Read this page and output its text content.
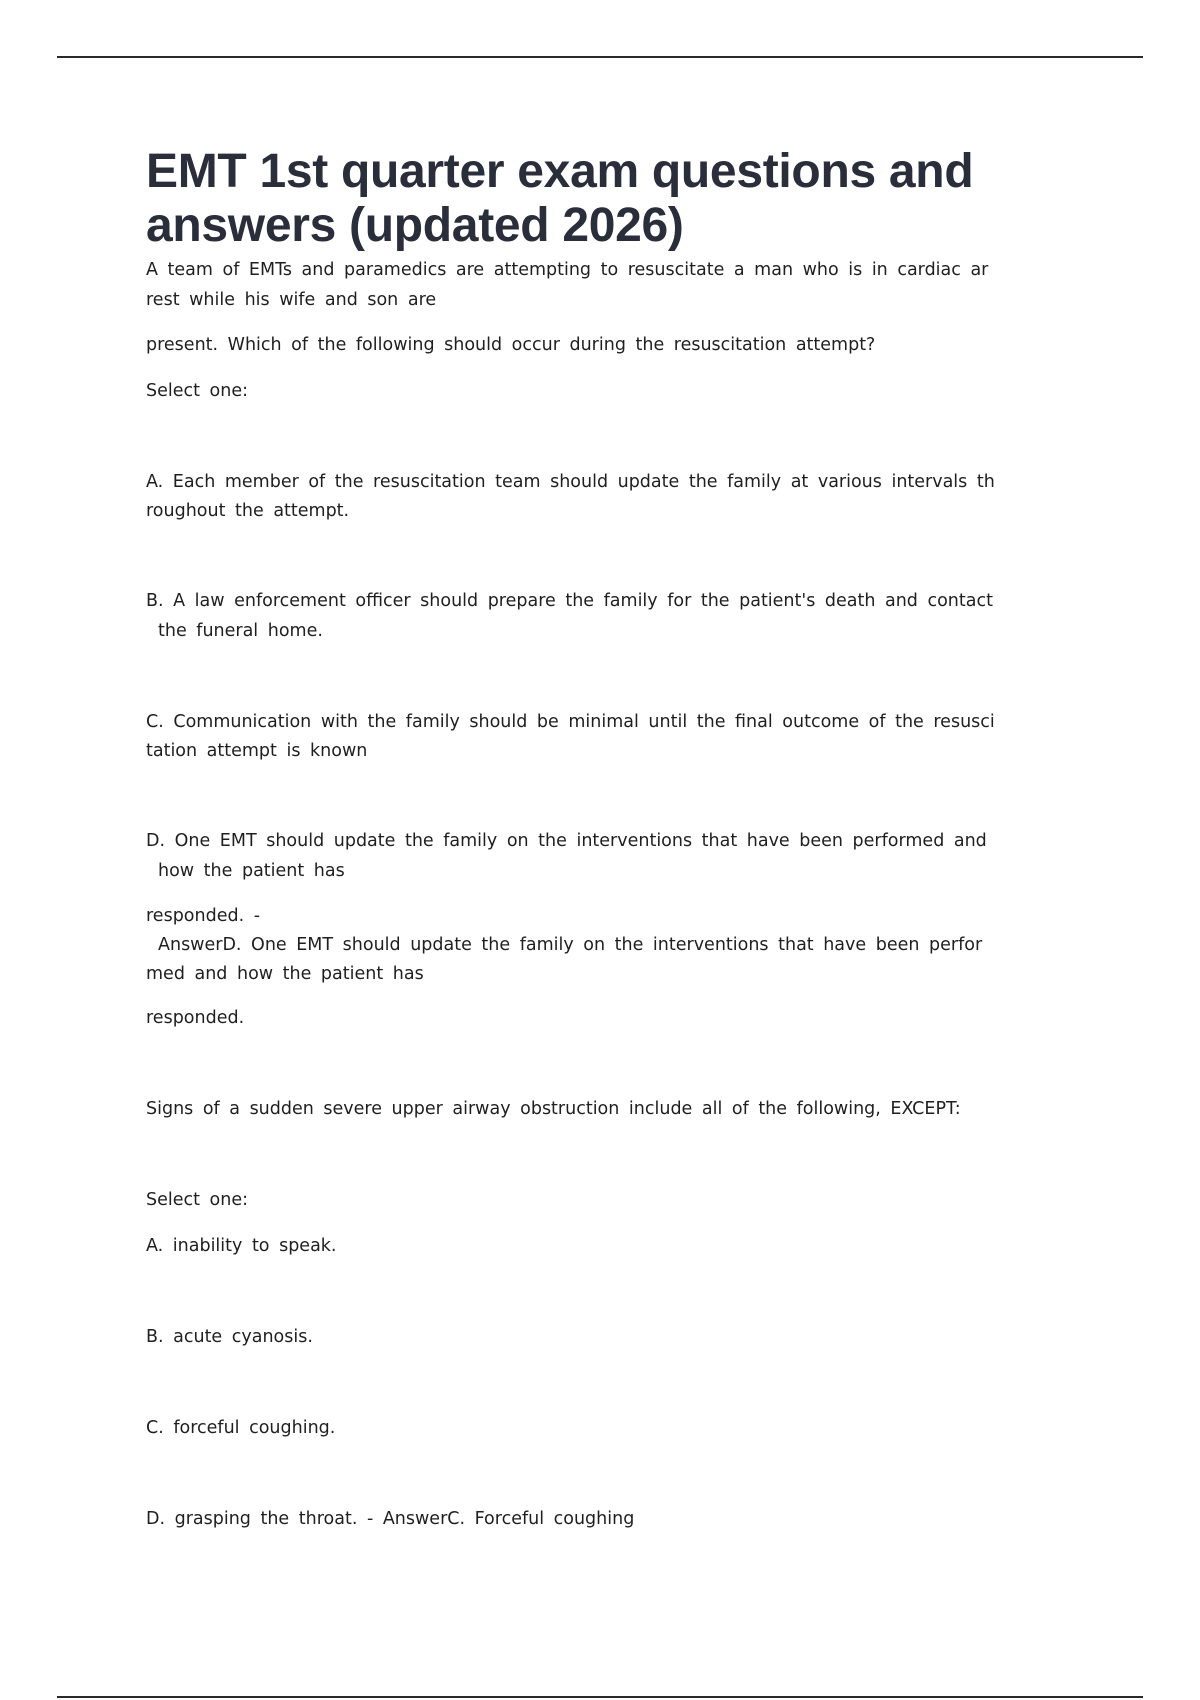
EMT 1st quarter exam questions and answers (updated 2026)

A team of EMTs and paramedics are attempting to resuscitate a man who is in cardiac ar

rest while his wife and son are

present. Which of the following should occur during the resuscitation attempt?

Select one:

A. Each member of the resuscitation team should update the family at various intervals th

roughout the attempt.

B. A law enforcement officer should prepare the family for the patient's death and contact

the funeral home.

C. Communication with the family should be minimal until the final outcome of the resusci

tation attempt is known

D. One EMT should update the family on the interventions that have been performed and

how the patient has

responded. -

AnswerD. One EMT should update the family on the interventions that have been perfor

med and how the patient has

responded.

Signs of a sudden severe upper airway obstruction include all of the following, EXCEPT:

Select one:

A. inability to speak.

B. acute cyanosis.

C. forceful coughing.

D. grasping the throat. - AnswerC. Forceful coughing
